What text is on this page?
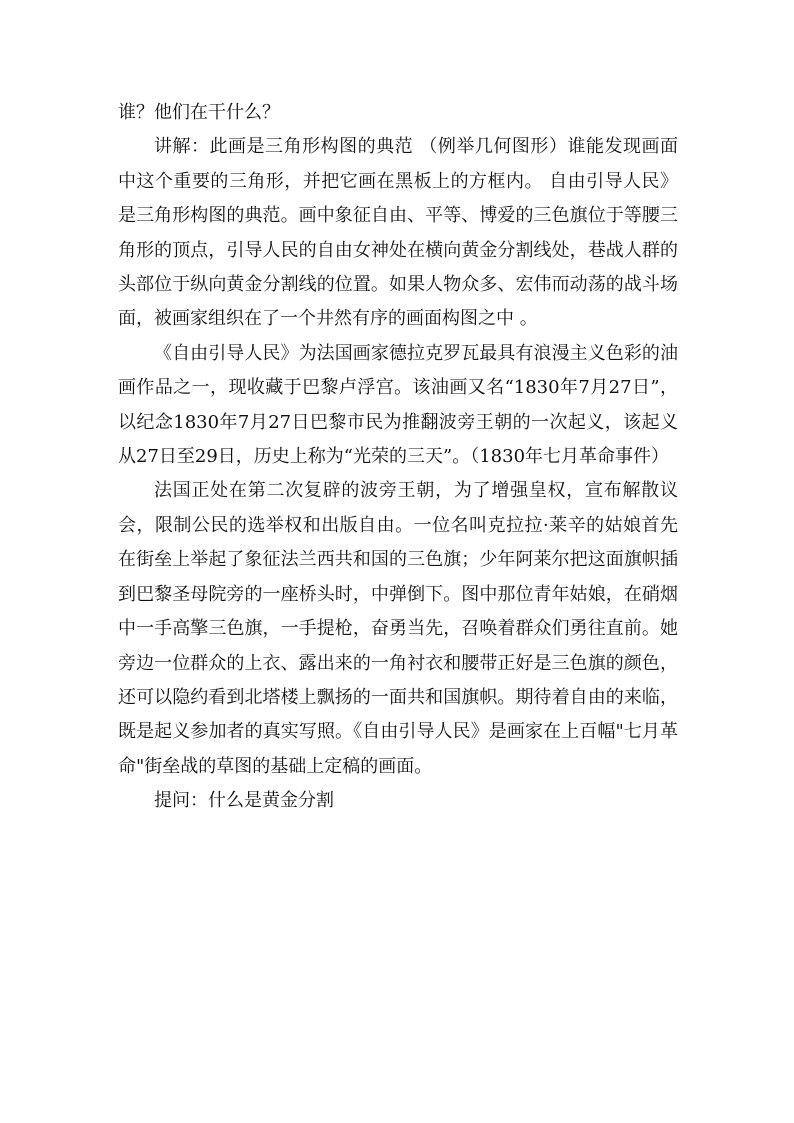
谁？他们在干什么？

讲解：此画是三角形构图的典范 （例举几何图形）谁能发现画面中这个重要的三角形，并把它画在黑板上的方框内。 自由引导人民》是三角形构图的典范。画中象征自由、平等、博爱的三色旗位于等腰三角形的顶点，引导人民的自由女神处在横向黄金分割线处，巷战人群的头部位于纵向黄金分割线的位置。如果人物众多、宏伟而动荡的战斗场面，被画家组织在了一个井然有序的画面构图之中 。

《自由引导人民》为法国画家德拉克罗瓦最具有浪漫主义色彩的油画作品之一，现收藏于巴黎卢浮宫。该油画又名“1830年7月27日”，以纪念1830年7月27日巴黎市民为推翻波旁王朝的一次起义，该起义从27日至29日，历史上称为“光荣的三天”。（1830年七月革命事件）

法国正处在第二次复辟的波旁王朝，为了增强皇权，宣布解散议会，限制公民的选举权和出版自由。一位名叫克拉拉·莱辛的姑娘首先在街垒上举起了象征法兰西共和国的三色旗；少年阿莱尔把这面旗帜插到巴黎圣母院旁的一座桥头时，中弹倒下。图中那位青年姑娘，在硝烟中一手高擎三色旗，一手提枪，奋勇当先，召唤着群众们勇往直前。她旁边一位群众的上衣、露出来的一角衬衣和腰带正好是三色旗的颜色，还可以隐约看到北塔楼上飘扬的一面共和国旗帜。期待着自由的来临，既是起义参加者的真实写照。《自由引导人民》是画家在上百幅"七月革命"街垒战的草图的基础上定稿的画面。

提问：什么是黄金分割
